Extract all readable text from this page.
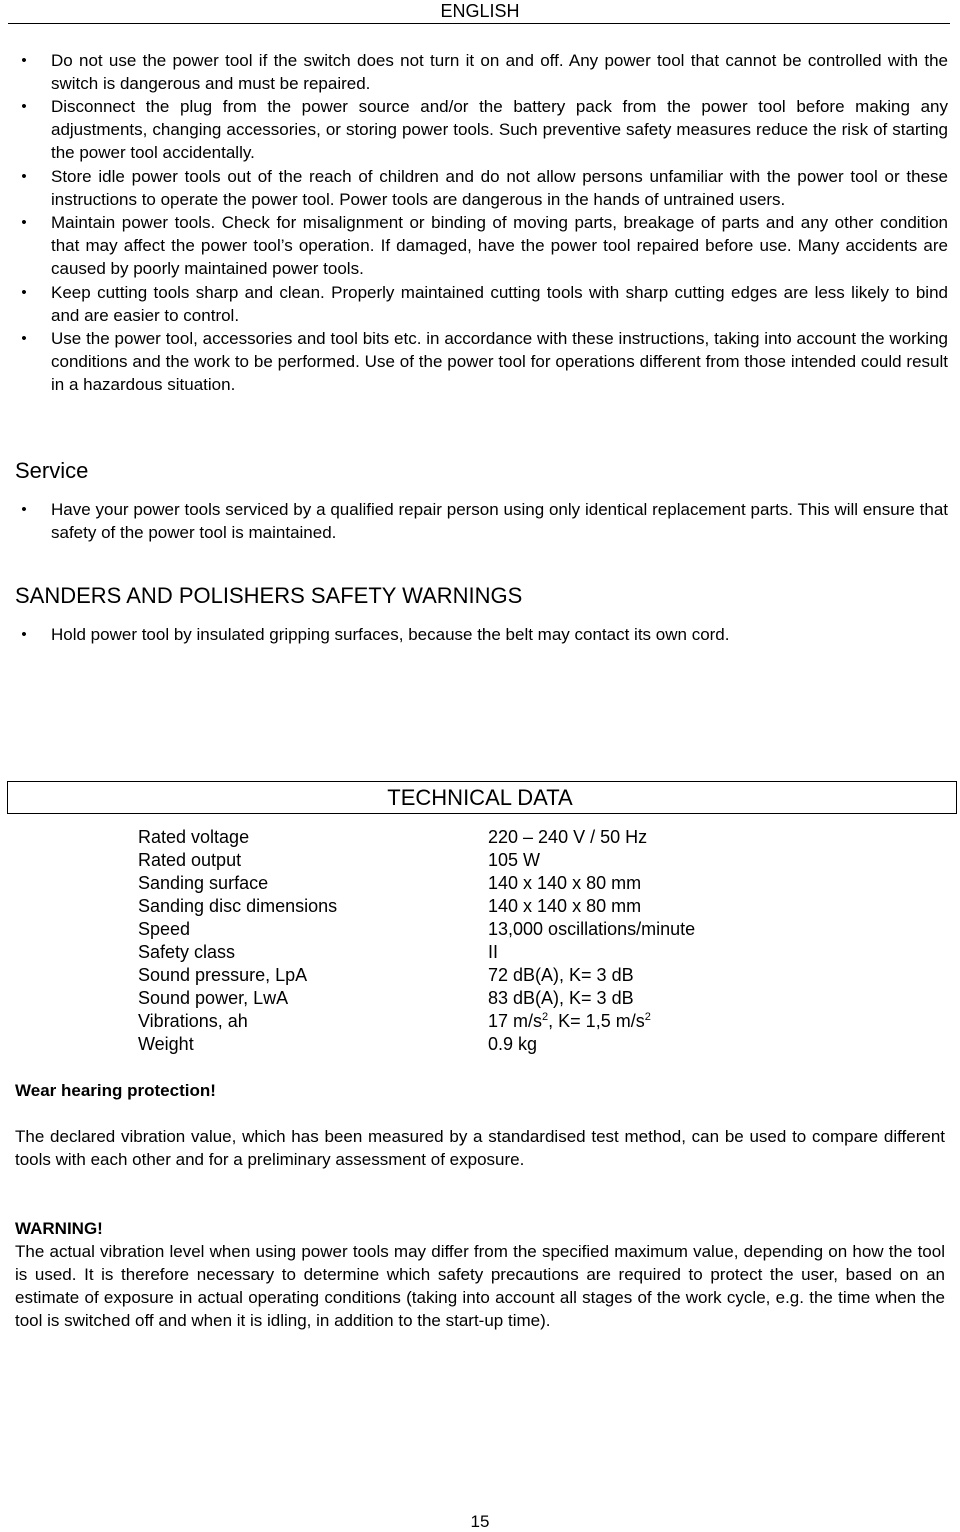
ENGLISH
•	Do not use the power tool if the switch does not turn it on and off. Any power tool that cannot be controlled with the switch is dangerous and must be repaired.
•	Disconnect the plug from the power source and/or the battery pack from the power tool before making any adjustments, changing accessories, or storing power tools. Such preventive safety measures reduce the risk of starting the power tool accidentally.
•	Store idle power tools out of the reach of children and do not allow persons unfamiliar with the power tool or these instructions to operate the power tool. Power tools are dangerous in the hands of untrained users.
•	Maintain power tools. Check for misalignment or binding of moving parts, breakage of parts and any other condition that may affect the power tool’s operation. If damaged, have the power tool repaired before use. Many accidents are caused by poorly maintained power tools.
•	Keep cutting tools sharp and clean. Properly maintained cutting tools with sharp cutting edges are less likely to bind and are easier to control.
•	Use the power tool, accessories and tool bits etc. in accordance with these instructions, taking into account the working conditions and the work to be performed. Use of the power tool for operations different from those intended could result in a hazardous situation.
Service
•	Have your power tools serviced by a qualified repair person using only identical replacement parts. This will ensure that safety of the power tool is maintained.
SANDERS AND POLISHERS SAFETY WARNINGS
•	Hold power tool by insulated gripping surfaces, because the belt may contact its own cord.
TECHNICAL DATA
Rated voltage	220 – 240 V / 50 Hz
Rated output	105 W
Sanding surface	140 x 140 x 80 mm
Sanding disc dimensions	140 x 140 x 80 mm
Speed	13,000 oscillations/minute
Safety class	II
Sound pressure, LpA	72 dB(A), K= 3 dB
Sound power, LwA	83 dB(A), K= 3 dB
Vibrations, ah	17 $m/s^2$, K= 1,5 $m/s^2$
Weight	0.9 kg

Wear hearing protection!

The declared vibration value, which has been measured by a standardised test method, can be used to compare different tools with each other and for a preliminary assessment of exposure.

WARNING!

The actual vibration level when using power tools may differ from the specified maximum value, depending on how the tool is used. It is therefore necessary to determine which safety precautions are required to protect the user, based on an estimate of exposure in actual operating conditions (taking into account all stages of the work cycle, e.g. the time when the tool is switched off and when it is idling, in addition to the start-up time).

15
